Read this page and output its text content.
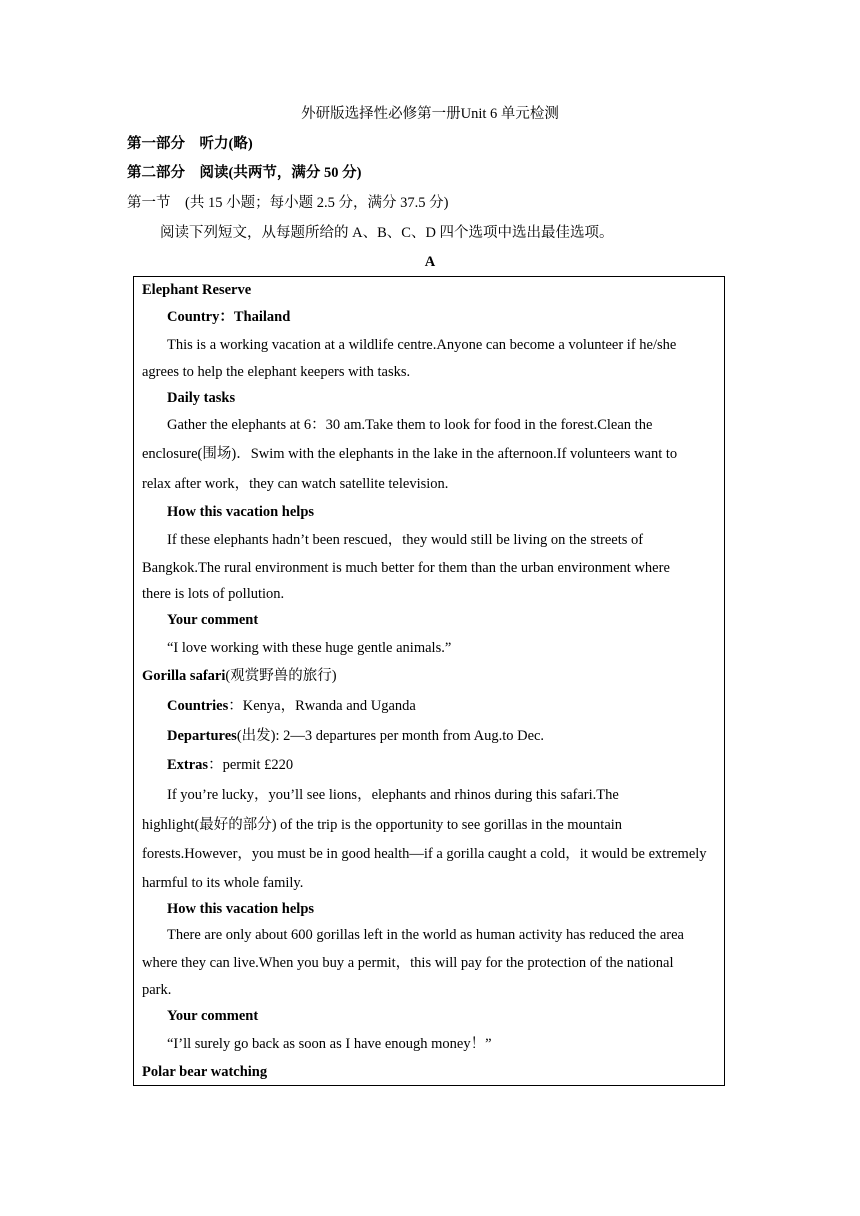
外研版选择性必修第一册Unit 6 单元检测
第一部分　听力(略)
第二部分　阅读(共两节，满分 50 分)
第一节　(共 15 小题；每小题 2.5 分，满分 37.5 分)
阅读下列短文，从每题所给的 A、B、C、D 四个选项中选出最佳选项。
A
Elephant Reserve
Country：Thailand
This is a working vacation at a wildlife centre.Anyone can become a volunteer if he/she
agrees to help the elephant keepers with tasks.
Daily tasks
Gather the elephants at 6：30 am.Take them to look for food in the forest.Clean the
enclosure(围场)．Swim with the elephants in the lake in the afternoon.If volunteers want to
relax after work，they can watch satellite television.
How this vacation helps
If these elephants hadn’t been rescued，they would still be living on the streets of
Bangkok.The rural environment is much better for them than the urban environment where
there is lots of pollution.
Your comment
“I love working with these huge gentle animals.”
Gorilla safari(观赏野兽的旅行)
Countries：Kenya，Rwanda and Uganda
Departures(出发): 2—3 departures per month from Aug.to Dec.
Extras：permit £220
If you’re lucky，you’ll see lions，elephants and rhinos during this safari.The
highlight(最好的部分) of the trip is the opportunity to see gorillas in the mountain
forests.However，you must be in good health—if a gorilla caught a cold，it would be extremely
harmful to its whole family.
How this vacation helps
There are only about 600 gorillas left in the world as human activity has reduced the area
where they can live.When you buy a permit，this will pay for the protection of the national
park.
Your comment
“I’ll surely go back as soon as I have enough money！”
Polar bear watching
